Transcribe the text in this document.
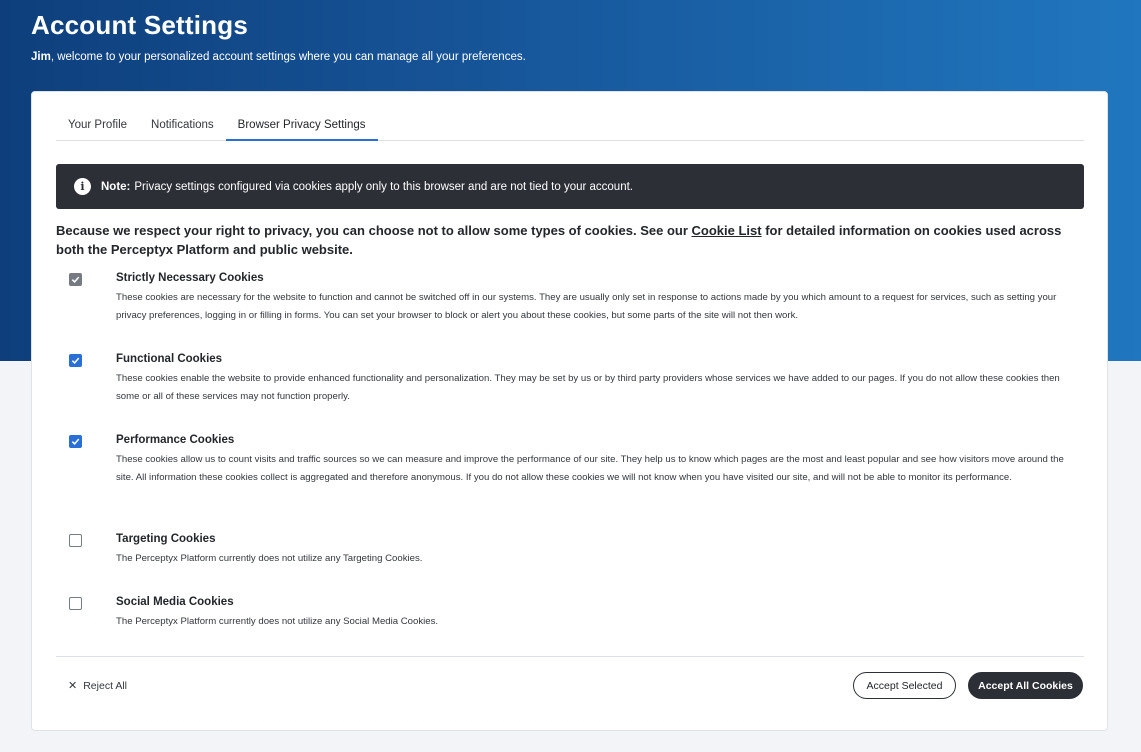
Account Settings

Jim, welcome to your personalized account settings where you can manage all your preferences.

Your Profile	Notifications	Browser Privacy Settings
i	Note: Privacy settings configured via cookies apply only to this browser and are not tied to your account.

Because we respect your right to privacy, you can choose not to allow some types of cookies. See our Cookie List for detailed information on cookies used across both the Perceptyx Platform and public website.

Strictly Necessary Cookies
These cookies are necessary for the website to function and cannot be switched off in our systems. They are usually only set in response to actions made by you which amount to a request for services, such as setting your privacy preferences, logging in or filling in forms. You can set your browser to block or alert you about these cookies, but some parts of the site will not then work.
Functional Cookies
These cookies enable the website to provide enhanced functionality and personalization. They may be set by us or by third party providers whose services we have added to our pages. If you do not allow these cookies then some or all of these services may not function properly.
Performance Cookies
These cookies allow us to count visits and traffic sources so we can measure and improve the performance of our site. They help us to know which pages are the most and least popular and see how visitors move around the site. All information these cookies collect is aggregated and therefore anonymous. If you do not allow these cookies we will not know when you have visited our site, and will not be able to monitor its performance.
Targeting Cookies
The Perceptyx Platform currently does not utilize any Targeting Cookies.
Social Media Cookies
The Perceptyx Platform currently does not utilize any Social Media Cookies.
✕ Reject All	Accept Selected	Accept All Cookies
